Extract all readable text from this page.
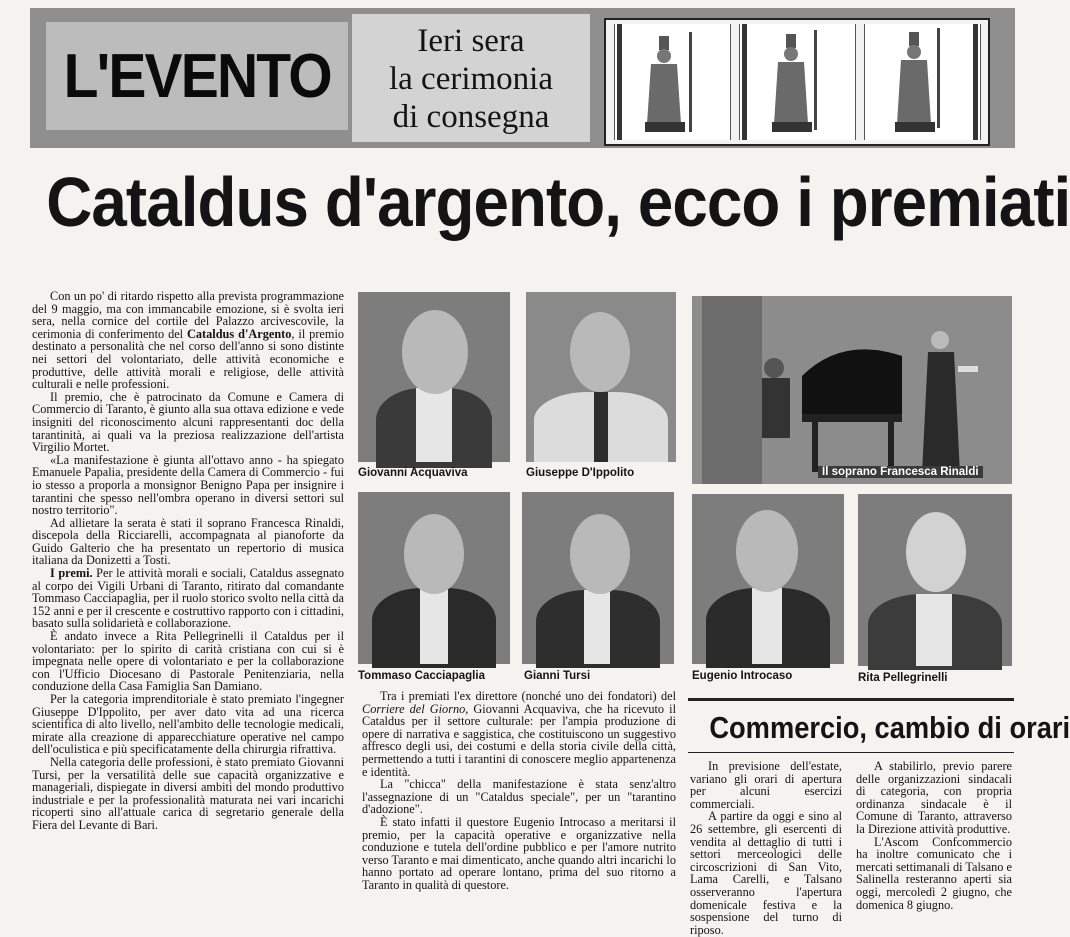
L'EVENTO
Ieri sera
la cerimonia
di consegna
Cataldus d'argento, ecco i premiati

Con un po' di ritardo rispetto alla prevista programmazione del 9 maggio, ma con immancabile emozione, si è svolta ieri sera, nella cornice del cortile del Palazzo arcivescovile, la cerimonia di conferimento del Cataldus d'Argento, il premio destinato a personalità che nel corso dell'anno si sono distinte nei settori del volontariato, delle attività economiche e produttive, delle attività morali e religiose, delle attività culturali e nelle professioni.

Il premio, che è patrocinato da Comune e Camera di Commercio di Taranto, è giunto alla sua ottava edizione e vede insigniti del riconoscimento alcuni rappresentanti doc della tarantinità, ai quali va la preziosa realizzazione dell'artista Virgilio Mortet.

«La manifestazione è giunta all'ottavo anno - ha spiegato Emanuele Papalia, presidente della Camera di Commercio - fui io stesso a proporla a monsignor Benigno Papa per insignire i tarantini che spesso nell'ombra operano in diversi settori sul nostro territorio".

Ad allietare la serata è stati il soprano Francesca Rinaldi, discepola della Ricciarelli, accompagnata al pianoforte da Guido Galterio che ha presentato un repertorio di musica italiana da Donizetti a Tosti.

I premi. Per le attività morali e sociali, Cataldus assegnato al corpo dei Vigili Urbani di Taranto, ritirato dal comandante Tommaso Cacciapaglia, per il ruolo storico svolto nella città da 152 anni e per il crescente e costruttivo rapporto con i cittadini, basato sulla solidarietà e collaborazione.

È andato invece a Rita Pellegrinelli il Cataldus per il volontariato: per lo spirito di carità cristiana con cui si è impegnata nelle opere di volontariato e per la collaborazione con l'Ufficio Diocesano di Pastorale Penitenziaria, nella conduzione della Casa Famiglia San Damiano.

Per la categoria imprenditoriale è stato premiato l'ingegner Giuseppe D'Ippolito, per aver dato vita ad una ricerca scientifica di alto livello, nell'ambito delle tecnologie medicali, mirate alla creazione di apparecchiature operative nel campo dell'oculistica e più specificatamente della chirurgia rifrattiva.

Nella categoria delle professioni, è stato premiato Giovanni Tursi, per la versatilità delle sue capacità organizzative e manageriali, dispiegate in diversi ambiti del mondo produttivo industriale e per la professionalità maturata nei vari incarichi ricoperti sino all'attuale carica di segretario generale della Fiera del Levante di Bari.

Giovanni Acquaviva	Giuseppe D'Ippolito	Il soprano Francesca Rinaldi
Tommaso Cacciapaglia	Gianni Tursi	Eugenio Introcaso	Rita Pellegrinelli

Tra i premiati l'ex direttore (nonché uno dei fondatori) del Corriere del Giorno, Giovanni Acquaviva, che ha ricevuto il Cataldus per il settore culturale: per l'ampia produzione di opere di narrativa e saggistica, che costituiscono un suggestivo affresco degli usi, dei costumi e della storia civile della città, permettendo a tutti i tarantini di conoscere meglio appartenenza e identità.

La "chicca" della manifestazione è stata senz'altro l'assegnazione di un "Cataldus speciale", per un "tarantino d'adozione".

È stato infatti il questore Eugenio Introcaso a meritarsi il premio, per la capacità operative e organizzative nella conduzione e tutela dell'ordine pubblico e per l'amore nutrito verso Taranto e mai dimenticato, anche quando altri incarichi lo hanno portato ad operare lontano, prima del suo ritorno a Taranto in qualità di questore.

Commercio, cambio di orari

In previsione dell'estate, variano gli orari di apertura per alcuni esercizi commerciali.

A partire da oggi e sino al 26 settembre, gli esercenti di vendita al dettaglio di tutti i settori merceologici delle circoscrizioni di San Vito, Lama Carelli, e Talsano osserveranno l'apertura domenicale festiva e la sospensione del turno di riposo.

A stabilirlo, previo parere delle organizzazioni sindacali di categoria, con propria ordinanza sindacale è il Comune di Taranto, attraverso la Direzione attività produttive.

L'Ascom Confcommercio ha inoltre comunicato che i mercati settimanali di Talsano e Salinella resteranno aperti sia oggi, mercoledì 2 giugno, che domenica 8 giugno.
